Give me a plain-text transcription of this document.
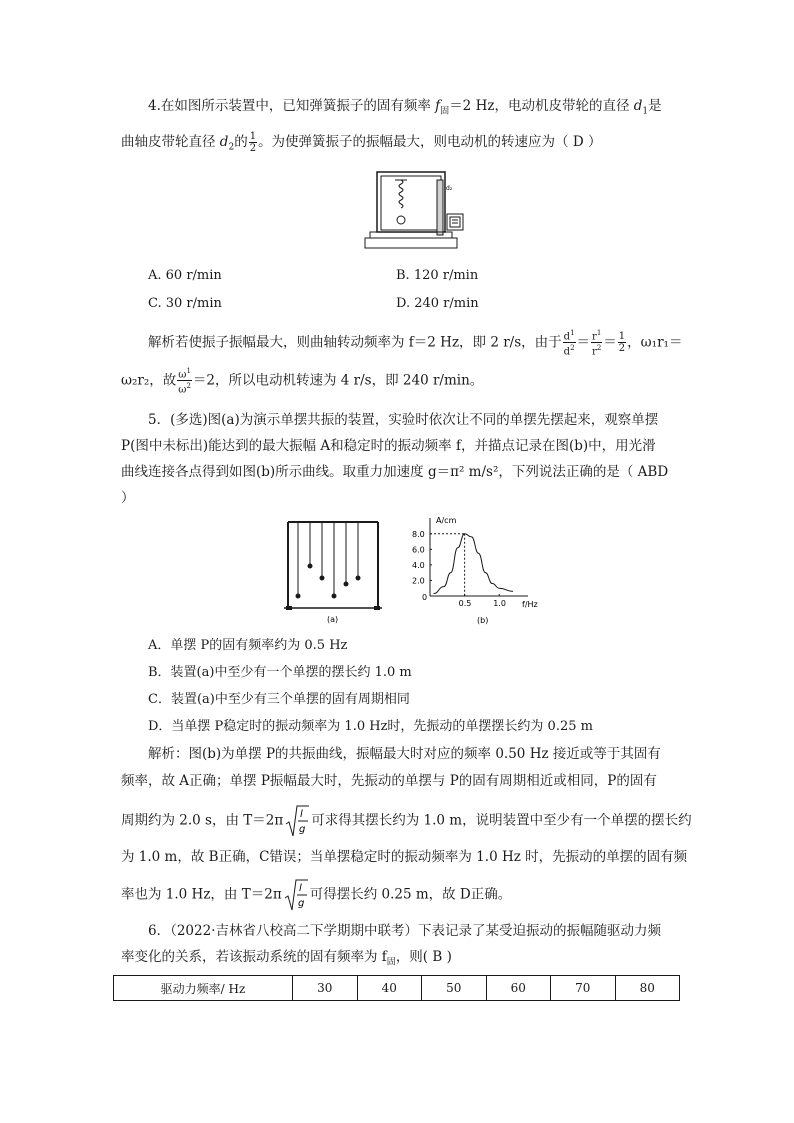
4.在如图所示装置中，已知弹簧振子的固有频率 $f_固=2$ Hz，电动机皮带轮的直径 $d_1$是
曲轴皮带轮直径 $d_2$的 $\frac{1}{2}$ 。为使弹簧振子的振幅最大，则电动机的转速应为（ D ）
d₂
A. 60 r/min	B. 120 r/min
C. 30 r/min	D. 240 r/min
解析若使振子振幅最大，则曲轴转动频率为 f＝2 Hz，即 2 r/s，由于 $\frac{d^1}{d^2} = \frac{r^1}{r^2} = \frac{1}{2}$ ，ω₁r₁＝
ω₂r₂，故 $\frac{\omega^1}{\omega^2} =2$，所以电动机转速为 4 r/s，即 240 r/min。
5．(多选)图(a)为演示单摆共振的装置，实验时依次让不同的单摆先摆起来，观察单摆
P(图中未标出)能达到的最大振幅 A和稳定时的振动频率 f，并描点记录在图(b)中，用光滑
曲线连接各点得到如图(b)所示曲线。取重力加速度 g＝π² m/s²，下列说法正确的是（ ABD
）
(a)
0
0.5	1.0
2.0
4.0
6.0
8.0
A/cm
f/Hz
(b)
A．单摆 P的固有频率约为 0.5 Hz
B．装置(a)中至少有一个单摆的摆长约 1.0 m
C．装置(a)中至少有三个单摆的固有周期相同
D．当单摆 P稳定时的振动频率为 1.0 Hz时，先振动的单摆摆长约为 0.25 m
解析：图(b)为单摆 P的共振曲线，振幅最大时对应的频率 0.50 Hz 接近或等于其固有
频率，故 A正确；单摆 P振幅最大时，先振动的单摆与 P的固有周期相近或相同，P的固有
周期约为 2.0 s，由 T＝2π l
g
可求得其摆长约为 1.0 m，说明装置中至少有一个单摆的摆长约
为 1.0 m，故 B正确，C错误；当单摆稳定时的振动频率为 1.0 Hz 时，先振动的单摆的固有频
率也为 1.0 Hz，由 T＝2π l
g
可得摆长约 0.25 m，故 D正确。
6．（2022·吉林省八校高二下学期期中联考）下表记录了某受迫振动的振幅随驱动力频
率变化的关系，若该振动系统的固有频率为 $f_固$，则( B )
驱动力频率/ Hz	30	40	50	60	70	80
